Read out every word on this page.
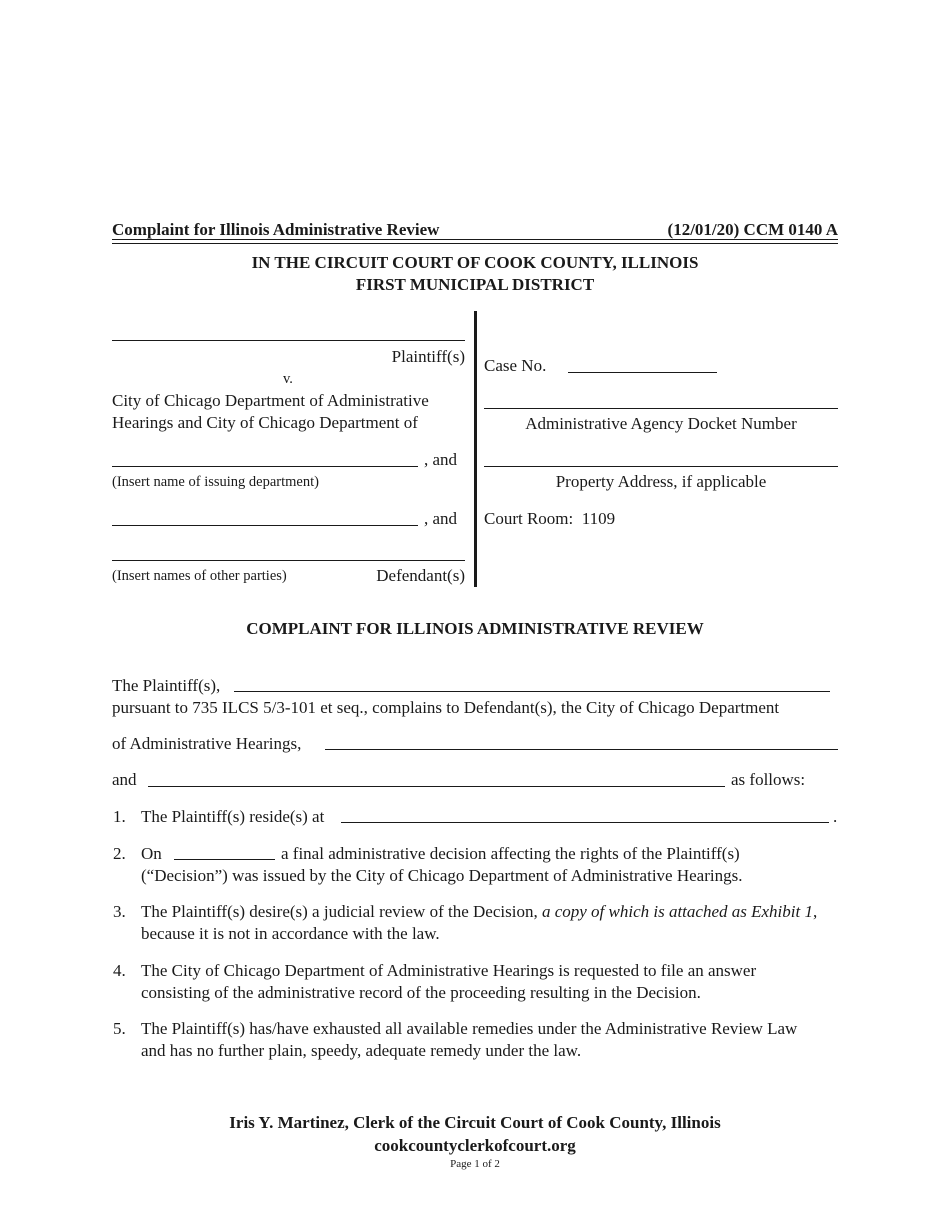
Complaint for Illinois Administrative Review	(12/01/20) CCM 0140 A
IN THE CIRCUIT COURT OF COOK COUNTY, ILLINOIS
FIRST MUNICIPAL DISTRICT
Plaintiff(s)
v.
City of Chicago Department of Administrative
Hearings and City of Chicago Department of
, and
(Insert name of issuing department)
, and
(Insert names of other parties)	Defendant(s)
Case No.
Administrative Agency Docket Number
Property Address, if applicable
Court Room: 1109
COMPLAINT FOR ILLINOIS ADMINISTRATIVE REVIEW
The Plaintiff(s),
pursuant to 735 ILCS 5/3-101 et seq., complains to Defendant(s), the City of Chicago Department
of Administrative Hearings,
and	as follows:
1. The Plaintiff(s) reside(s) at	.
2. On	a final administrative decision affecting the rights of the Plaintiff(s)
(“Decision”) was issued by the City of Chicago Department of Administrative Hearings.
3. The Plaintiff(s) desire(s) a judicial review of the Decision, a copy of which is attached as Exhibit 1,
because it is not in accordance with the law.
4. The City of Chicago Department of Administrative Hearings is requested to file an answer
consisting of the administrative record of the proceeding resulting in the Decision.
5. The Plaintiff(s) has/have exhausted all available remedies under the Administrative Review Law
and has no further plain, speedy, adequate remedy under the law.
Iris Y. Martinez, Clerk of the Circuit Court of Cook County, Illinois
cookcountyclerkofcourt.org
Page 1 of 2
